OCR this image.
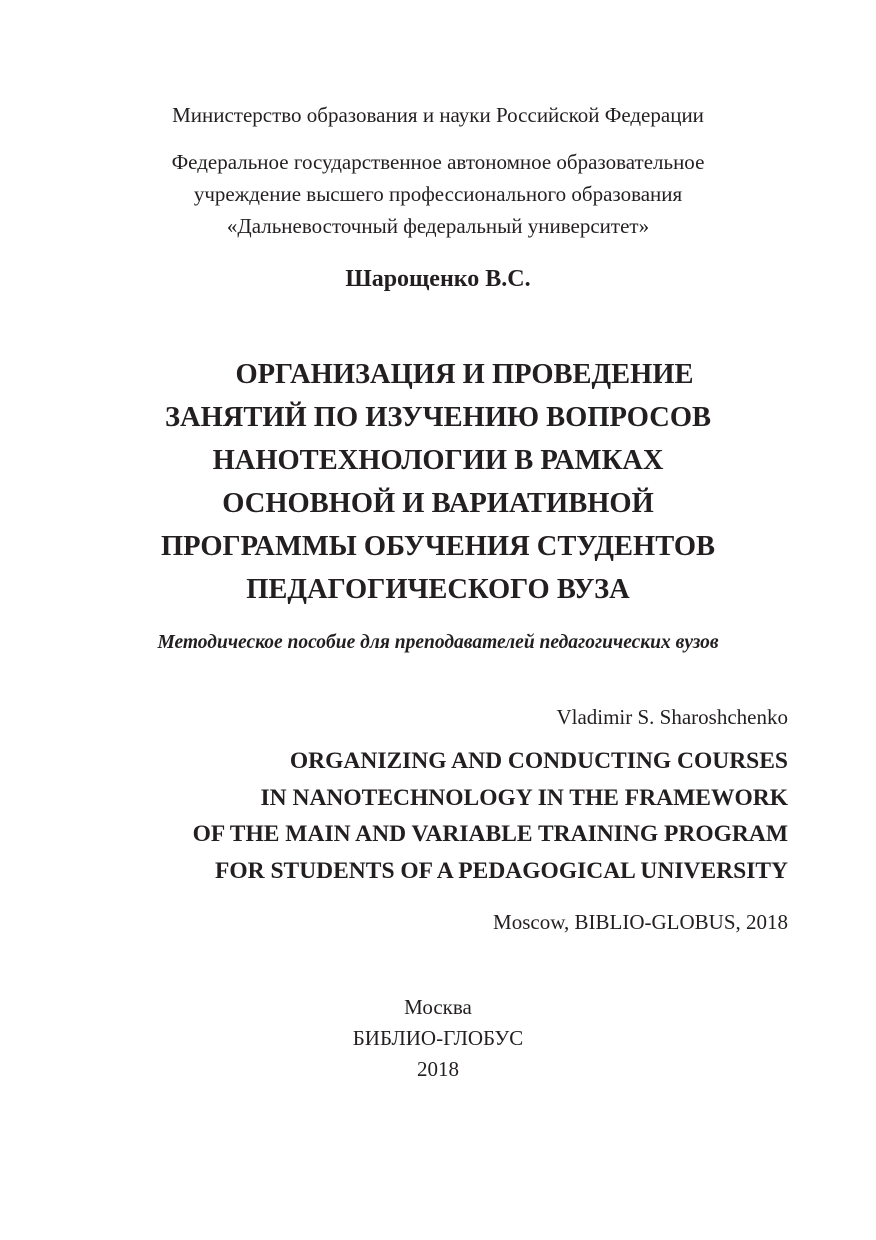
Министерство образования и науки Российской Федерации

Федеральное государственное автономное образовательное
учреждение высшего профессионального образования
«Дальневосточный федеральный университет»

Шарощенко В.С.

ОРГАНИЗАЦИЯ И ПРОВЕДЕНИЕ
ЗАНЯТИЙ ПО ИЗУЧЕНИЮ ВОПРОСОВ
НАНОТЕХНОЛОГИИ В РАМКАХ
ОСНОВНОЙ И ВАРИАТИВНОЙ
ПРОГРАММЫ ОБУЧЕНИЯ СТУДЕНТОВ
ПЕДАГОГИЧЕСКОГО ВУЗА

Методическое пособие для преподавателей педагогических вузов

Vladimir S. Sharoshchenko

ORGANIZING AND CONDUCTING COURSES
IN NANOTECHNOLOGY IN THE FRAMEWORK
OF THE MAIN AND VARIABLE TRAINING PROGRAM
FOR STUDENTS OF A PEDAGOGICAL UNIVERSITY

Moscow, BIBLIO-GLOBUS, 2018

Москва
БИБЛИО-ГЛОБУС
2018
